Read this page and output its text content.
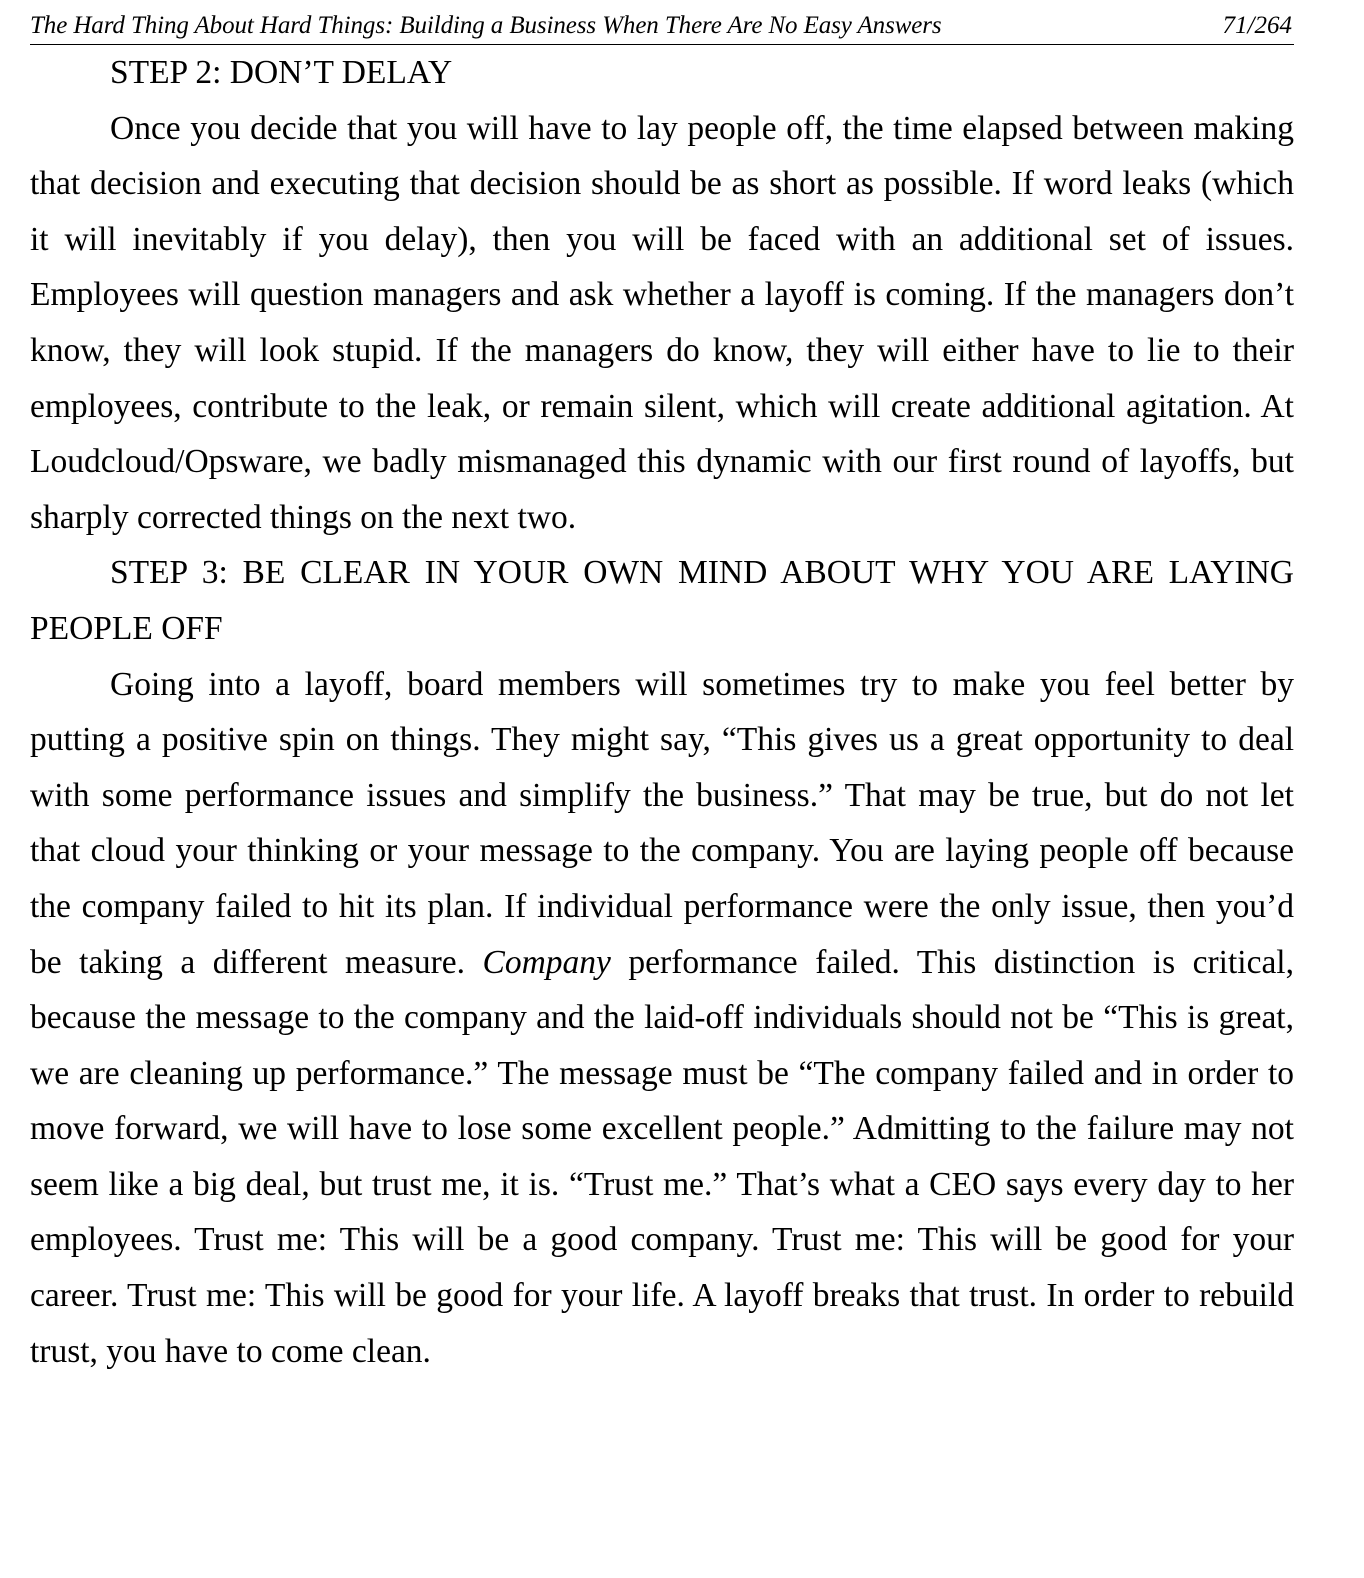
The Hard Thing About Hard Things: Building a Business When There Are No Easy Answers	71/264

STEP 2: DON’T DELAY

Once you decide that you will have to lay people off, the time elapsed between making that decision and executing that decision should be as short as possible. If word leaks (which it will inevitably if you delay), then you will be faced with an additional set of issues. Employees will question managers and ask whether a layoff is coming. If the managers don’t know, they will look stupid. If the managers do know, they will either have to lie to their employees, contribute to the leak, or remain silent, which will create additional agitation. At Loudcloud/Opsware, we badly mismanaged this dynamic with our first round of layoffs, but sharply corrected things on the next two.

STEP 3: BE CLEAR IN YOUR OWN MIND ABOUT WHY YOU ARE LAYING PEOPLE OFF

Going into a layoff, board members will sometimes try to make you feel better by putting a positive spin on things. They might say, “This gives us a great opportunity to deal with some performance issues and simplify the business.” That may be true, but do not let that cloud your thinking or your message to the company. You are laying people off because the company failed to hit its plan. If individual performance were the only issue, then you’d be taking a different measure. Company performance failed. This distinction is critical, because the message to the company and the laid-off individuals should not be “This is great, we are cleaning up performance.” The message must be “The company failed and in order to move forward, we will have to lose some excellent people.” Admitting to the failure may not seem like a big deal, but trust me, it is. “Trust me.” That’s what a CEO says every day to her employees. Trust me: This will be a good company. Trust me: This will be good for your career. Trust me: This will be good for your life. A layoff breaks that trust. In order to rebuild trust, you have to come clean.
